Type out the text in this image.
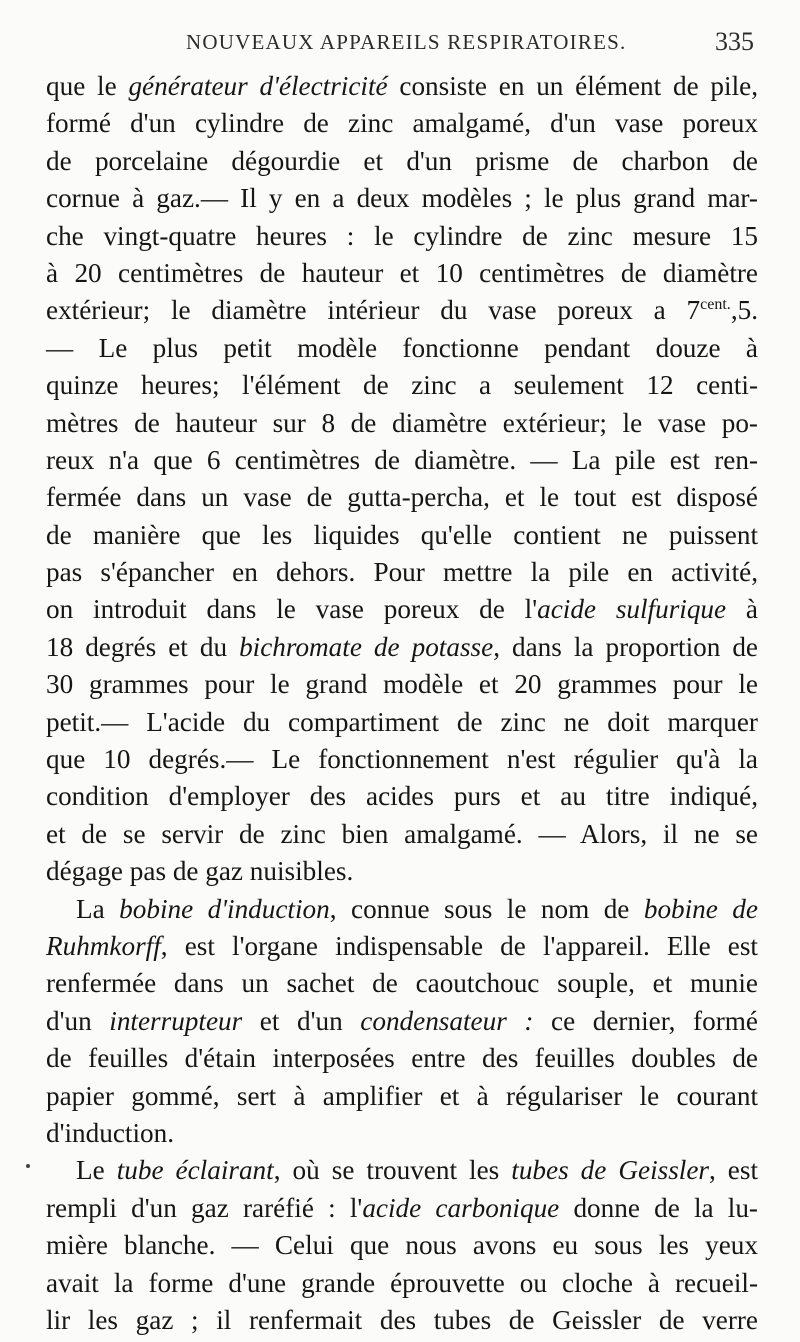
NOUVEAUX APPAREILS RESPIRATOIRES.	335
que le générateur d'électricité consiste en un élément de pile,
formé d'un cylindre de zinc amalgamé, d'un vase poreux
de porcelaine dégourdie et d'un prisme de charbon de
cornue à gaz.— Il y en a deux modèles ; le plus grand mar-
che vingt-quatre heures : le cylindre de zinc mesure 15
à 20 centimètres de hauteur et 10 centimètres de diamètre
extérieur; le diamètre intérieur du vase poreux a $7^{cent.},5$.
— Le plus petit modèle fonctionne pendant douze à
quinze heures; l'élément de zinc a seulement 12 centi-
mètres de hauteur sur 8 de diamètre extérieur; le vase po-
reux n'a que 6 centimètres de diamètre. — La pile est ren-
fermée dans un vase de gutta-percha, et le tout est disposé
de manière que les liquides qu'elle contient ne puissent
pas s'épancher en dehors. Pour mettre la pile en activité,
on introduit dans le vase poreux de l'acide sulfurique à
18 degrés et du bichromate de potasse, dans la proportion de
30 grammes pour le grand modèle et 20 grammes pour le
petit.— L'acide du compartiment de zinc ne doit marquer
que 10 degrés.— Le fonctionnement n'est régulier qu'à la
condition d'employer des acides purs et au titre indiqué,
et de se servir de zinc bien amalgamé. — Alors, il ne se
dégage pas de gaz nuisibles.
La bobine d'induction, connue sous le nom de bobine de
Ruhmkorff, est l'organe indispensable de l'appareil. Elle est
renfermée dans un sachet de caoutchouc souple, et munie
d'un interrupteur et d'un condensateur : ce dernier, formé
de feuilles d'étain interposées entre des feuilles doubles de
papier gommé, sert à amplifier et à régulariser le courant
d'induction.
Le tube éclairant, où se trouvent les tubes de Geissler, est
rempli d'un gaz raréfié : l'acide carbonique donne de la lu-
mière blanche. — Celui que nous avons eu sous les yeux
avait la forme d'une grande éprouvette ou cloche à recueil-
lir les gaz ; il renfermait des tubes de Geissler de verre
